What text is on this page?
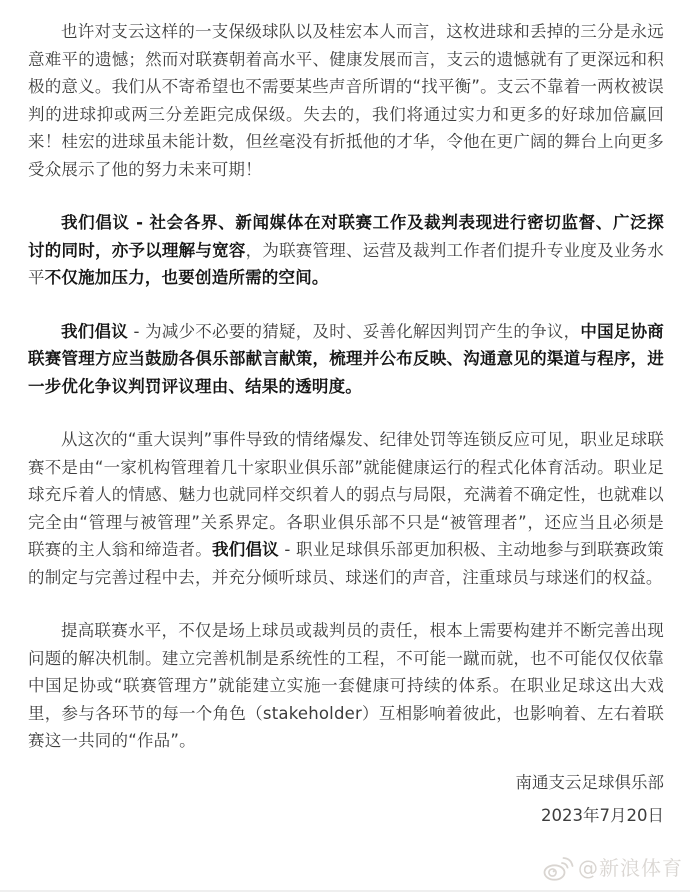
也许对支云这样的一支保级球队以及桂宏本人而言，这枚进球和丢掉的三分是永远意难平的遗憾；然而对联赛朝着高水平、健康发展而言，支云的遗憾就有了更深远和积极的意义。我们从不寄希望也不需要某些声音所谓的“找平衡”。支云不靠着一两枚被误判的进球抑或两三分差距完成保级。失去的，我们将通过实力和更多的好球加倍赢回来！桂宏的进球虽未能计数，但丝毫没有折抵他的才华，令他在更广阔的舞台上向更多受众展示了他的努力未来可期！

我们倡议 - 社会各界、新闻媒体在对联赛工作及裁判表现进行密切监督、广泛探讨的同时，亦予以理解与宽容，为联赛管理、运营及裁判工作者们提升专业度及业务水平不仅施加压力，也要创造所需的空间。

我们倡议 - 为减少不必要的猜疑，及时、妥善化解因判罚产生的争议，中国足协商联赛管理方应当鼓励各俱乐部献言献策，梳理并公布反映、沟通意见的渠道与程序，进一步优化争议判罚评议理由、结果的透明度。

从这次的“重大误判”事件导致的情绪爆发、纪律处罚等连锁反应可见，职业足球联赛不是由“一家机构管理着几十家职业俱乐部”就能健康运行的程式化体育活动。职业足球充斥着人的情感、魅力也就同样交织着人的弱点与局限，充满着不确定性，也就难以完全由“管理与被管理”关系界定。各职业俱乐部不只是“被管理者”，还应当且必须是联赛的主人翁和缔造者。我们倡议 - 职业足球俱乐部更加积极、主动地参与到联赛政策的制定与完善过程中去，并充分倾听球员、球迷们的声音，注重球员与球迷们的权益。

提高联赛水平，不仅是场上球员或裁判员的责任，根本上需要构建并不断完善出现问题的解决机制。建立完善机制是系统性的工程，不可能一蹴而就，也不可能仅仅依靠中国足协或“联赛管理方”就能建立实施一套健康可持续的体系。在职业足球这出大戏里，参与各环节的每一个角色（stakeholder）互相影响着彼此，也影响着、左右着联赛这一共同的“作品”。

南通支云足球俱乐部
2023年7月20日
@新浪体育
